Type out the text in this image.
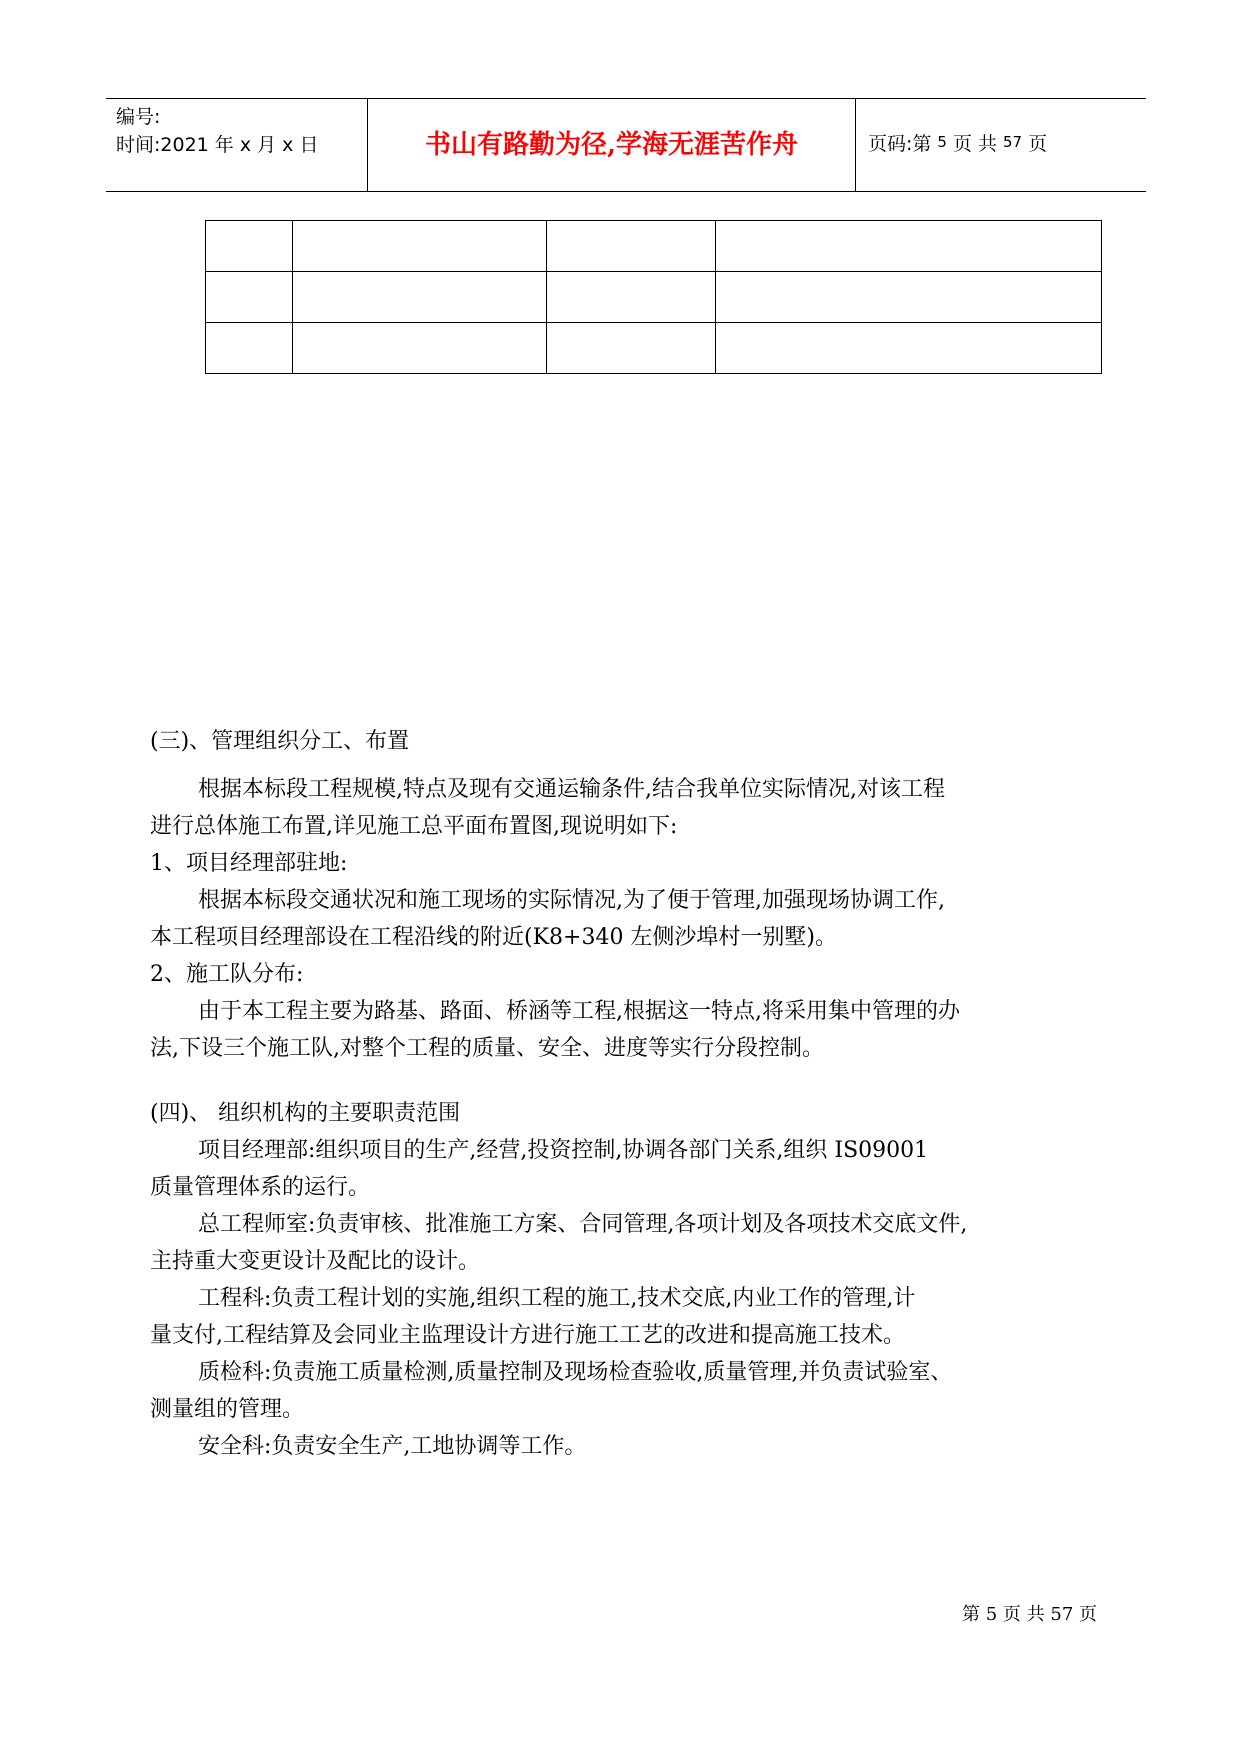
编号:
时间:2021 年 x 月 x 日	书山有路勤为径,学海无涯苦作舟	页码:第 5 页 共 57 页

(三)、管理组织分工、布置

根据本标段工程规模,特点及现有交通运输条件,结合我单位实际情况,对该工程

进行总体施工布置,详见施工总平面布置图,现说明如下:

1、项目经理部驻地:

根据本标段交通状况和施工现场的实际情况,为了便于管理,加强现场协调工作,

本工程项目经理部设在工程沿线的附近(K8+340 左侧沙埠村一别墅)。

2、施工队分布:

由于本工程主要为路基、路面、桥涵等工程,根据这一特点,将采用集中管理的办

法,下设三个施工队,对整个工程的质量、安全、进度等实行分段控制。

(四)、 组织机构的主要职责范围

项目经理部:组织项目的生产,经营,投资控制,协调各部门关系,组织 IS09001

质量管理体系的运行。

总工程师室:负责审核、批准施工方案、合同管理,各项计划及各项技术交底文件,

主持重大变更设计及配比的设计。

工程科:负责工程计划的实施,组织工程的施工,技术交底,内业工作的管理,计

量支付,工程结算及会同业主监理设计方进行施工工艺的改进和提高施工技术。

质检科:负责施工质量检测,质量控制及现场检查验收,质量管理,并负责试验室、

测量组的管理。

安全科:负责安全生产,工地协调等工作。

第 5 页 共 57 页
